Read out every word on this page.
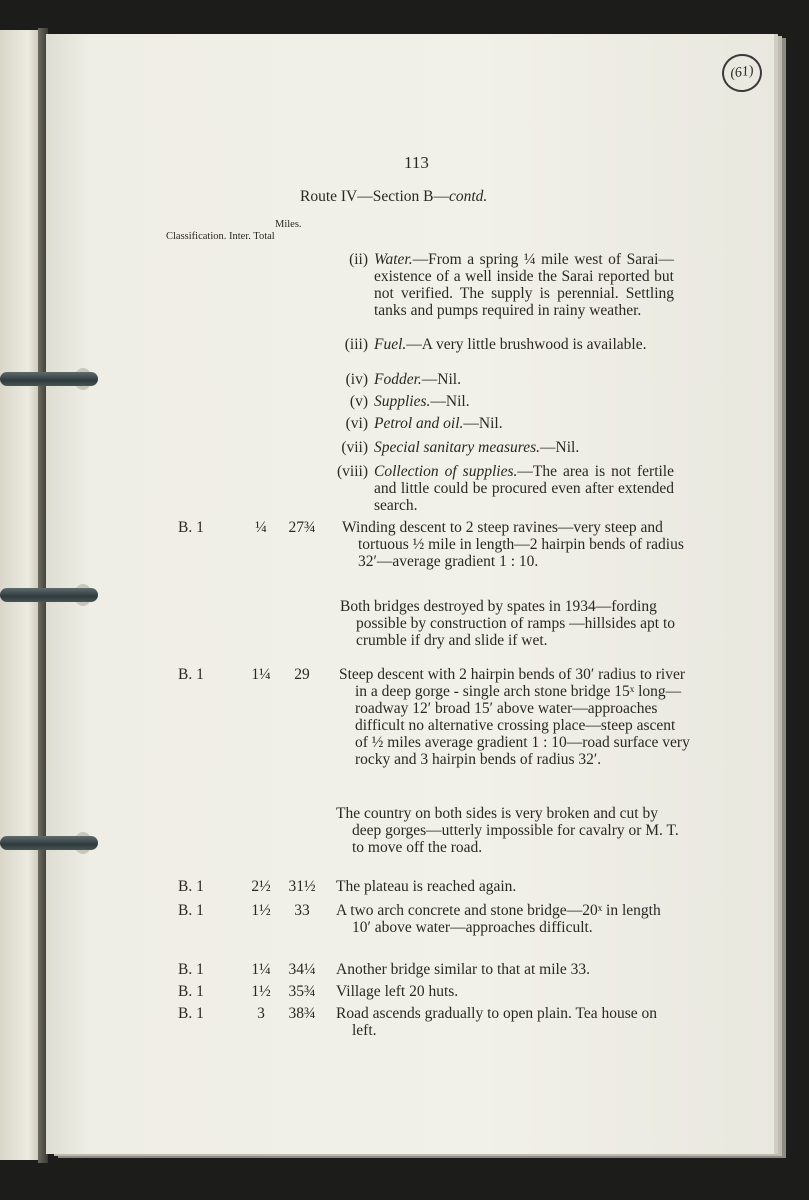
(61)
113
Route IV—Section B—contd.
Miles.
Classification. Inter. Total
(ii) Water.—From a spring ¼ mile west of Sarai—existence of a well inside the Sarai reported but not verified. The supply is perennial. Settling tanks and pumps required in rainy weather.
(iii) Fuel.—A very little brushwood is available.
(iv) Fodder.—Nil.
(v) Supplies.—Nil.
(vi) Petrol and oil.—Nil.
(vii) Special sanitary measures.—Nil.
(viii) Collection of supplies.—The area is not fertile and little could be procured even after extended search.
B. 1	¼	27¾	Winding descent to 2 steep ravines—very steep and tortuous ½ mile in length—2 hairpin bends of radius 32′—average gradient 1 : 10.
Both bridges destroyed by spates in 1934—fording possible by construction of ramps —hillsides apt to crumble if dry and slide if wet.
B. 1	1¼	29	Steep descent with 2 hairpin bends of 30′ radius to river in a deep gorge - single arch stone bridge 15ˣ long—roadway 12′ broad 15′ above water—approaches difficult no alternative crossing place—steep ascent of ½ miles average gradient 1 : 10—road surface very rocky and 3 hairpin bends of radius 32′.
The country on both sides is very broken and cut by deep gorges—utterly impossible for cavalry or M. T. to move off the road.
B. 1	2½	31½	The plateau is reached again.
B. 1	1½	33	A two arch concrete and stone bridge—20ˣ in length 10′ above water—approaches difficult.
B. 1	1¼	34¼	Another bridge similar to that at mile 33.
B. 1	1½	35¾	Village left 20 huts.
B. 1	3	38¾	Road ascends gradually to open plain. Tea house on left.
